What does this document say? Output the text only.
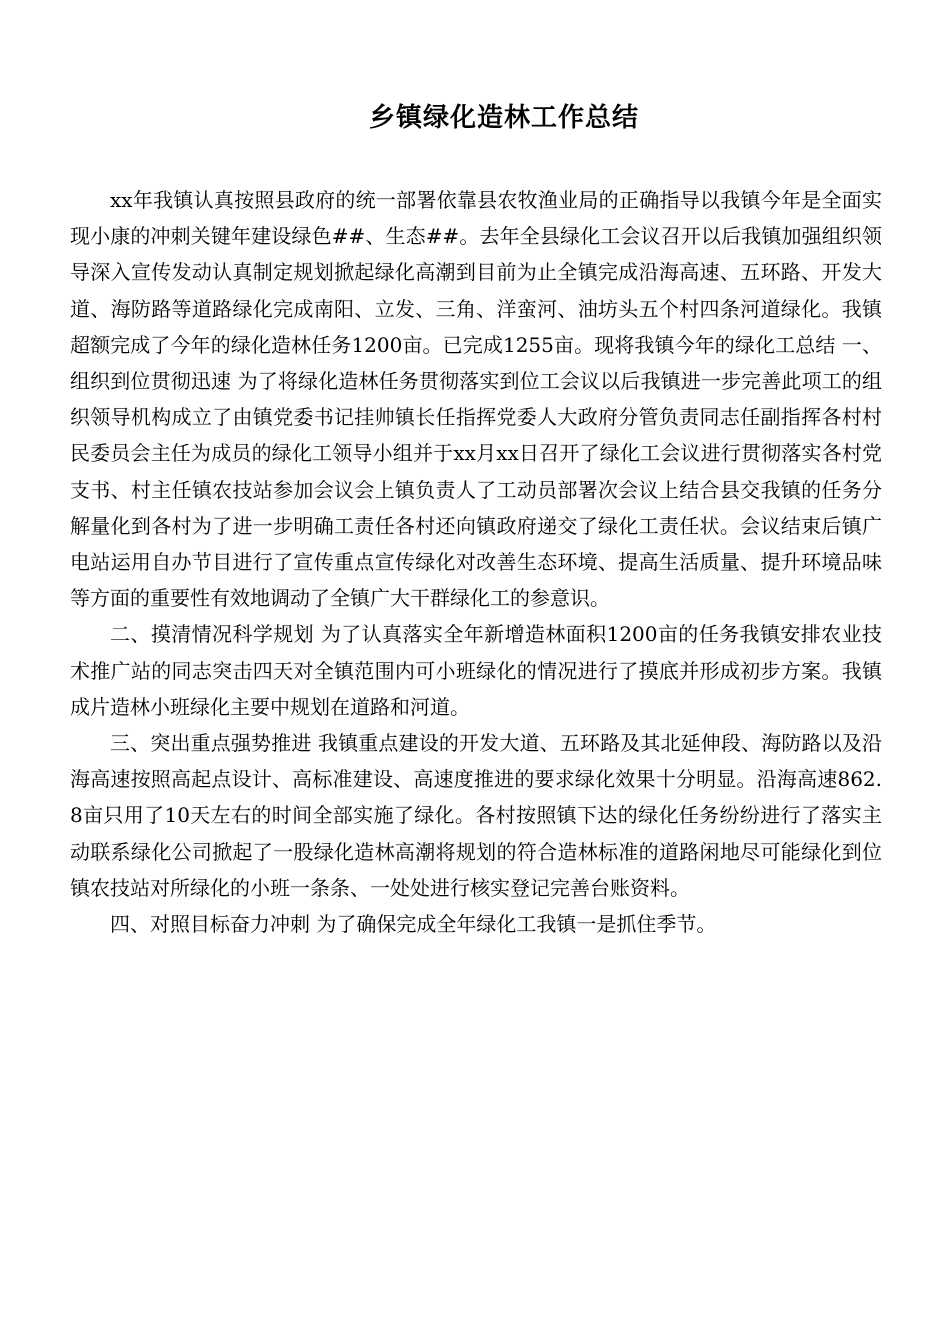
乡镇绿化造林工作总结

xx年我镇认真按照县政府的统一部署依靠县农牧渔业局的正确指导以我镇今年是全面实现小康的冲刺关键年建设绿色##、生态##。去年全县绿化工会议召开以后我镇加强组织领导深入宣传发动认真制定规划掀起绿化高潮到目前为止全镇完成沿海高速、五环路、开发大道、海防路等道路绿化完成南阳、立发、三角、洋蛮河、油坊头五个村四条河道绿化。我镇超额完成了今年的绿化造林任务1200亩。已完成1255亩。现将我镇今年的绿化工总结 一、组织到位贯彻迅速 为了将绿化造林任务贯彻落实到位工会议以后我镇进一步完善此项工的组织领导机构成立了由镇党委书记挂帅镇长任指挥党委人大政府分管负责同志任副指挥各村村民委员会主任为成员的绿化工领导小组并于xx月xx日召开了绿化工会议进行贯彻落实各村党支书、村主任镇农技站参加会议会上镇负责人了工动员部署次会议上结合县交我镇的任务分解量化到各村为了进一步明确工责任各村还向镇政府递交了绿化工责任状。会议结束后镇广电站运用自办节目进行了宣传重点宣传绿化对改善生态环境、提高生活质量、提升环境品味等方面的重要性有效地调动了全镇广大干群绿化工的参意识。

二、摸清情况科学规划 为了认真落实全年新增造林面积1200亩的任务我镇安排农业技术推广站的同志突击四天对全镇范围内可小班绿化的情况进行了摸底并形成初步方案。我镇成片造林小班绿化主要中规划在道路和河道。

三、突出重点强势推进 我镇重点建设的开发大道、五环路及其北延伸段、海防路以及沿海高速按照高起点设计、高标准建设、高速度推进的要求绿化效果十分明显。沿海高速862.8亩只用了10天左右的时间全部实施了绿化。各村按照镇下达的绿化任务纷纷进行了落实主动联系绿化公司掀起了一股绿化造林高潮将规划的符合造林标准的道路闲地尽可能绿化到位镇农技站对所绿化的小班一条条、一处处进行核实登记完善台账资料。

四、对照目标奋力冲刺 为了确保完成全年绿化工我镇一是抓住季节。
